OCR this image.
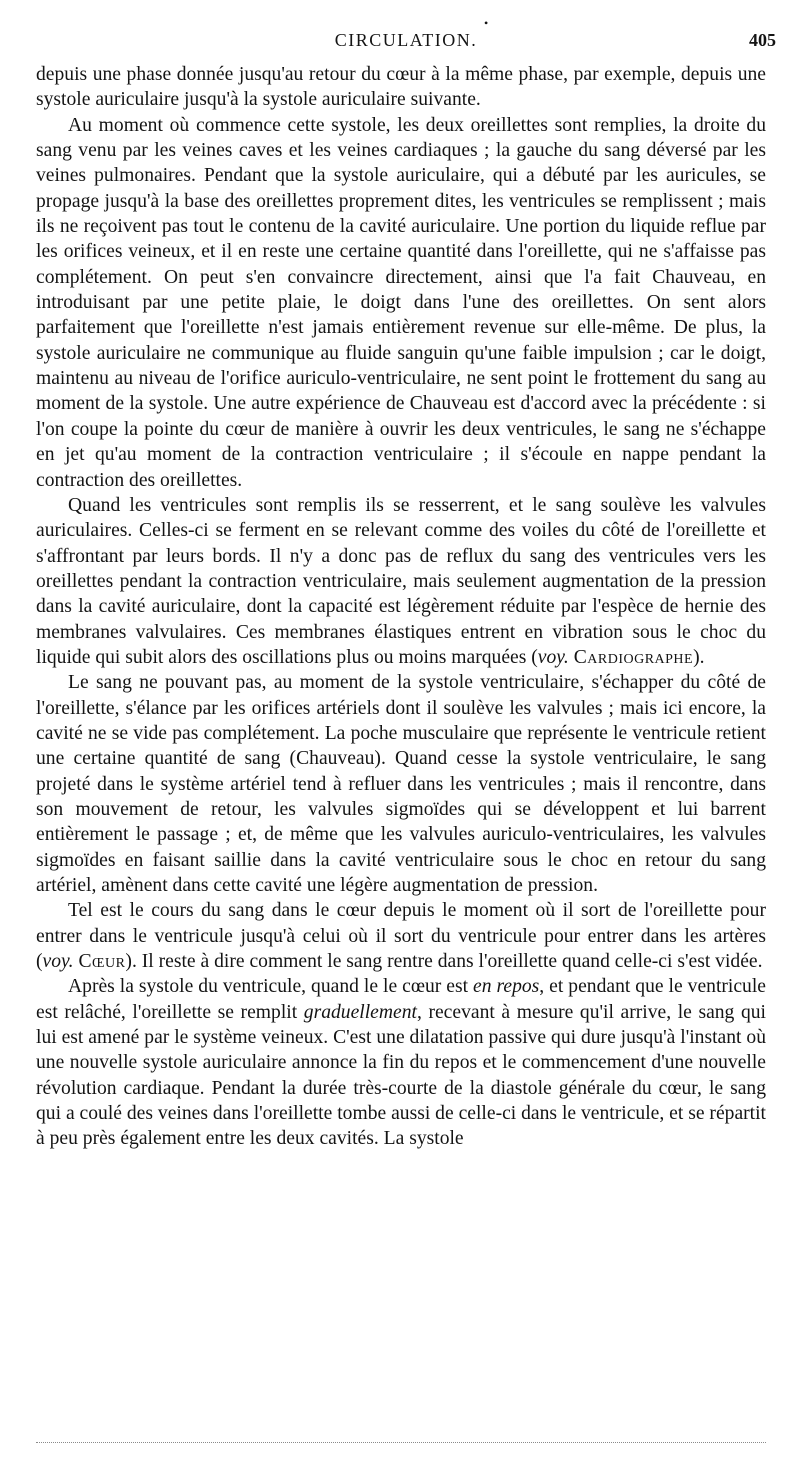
•
CIRCULATION.	405

depuis une phase donnée jusqu'au retour du cœur à la même phase, par exemple, depuis une systole auriculaire jusqu'à la systole auriculaire suivante.

Au moment où commence cette systole, les deux oreillettes sont remplies, la droite du sang venu par les veines caves et les veines cardiaques ; la gauche du sang déversé par les veines pulmonaires. Pendant que la systole auriculaire, qui a débuté par les auricules, se propage jusqu'à la base des oreillettes proprement dites, les ventricules se remplissent ; mais ils ne reçoivent pas tout le contenu de la cavité auriculaire. Une portion du liquide reflue par les orifices veineux, et il en reste une certaine quantité dans l'oreillette, qui ne s'affaisse pas complétement. On peut s'en convaincre directement, ainsi que l'a fait Chauveau, en introduisant par une petite plaie, le doigt dans l'une des oreillettes. On sent alors parfaitement que l'oreillette n'est jamais entièrement revenue sur elle-même. De plus, la systole auriculaire ne communique au fluide sanguin qu'une faible impulsion ; car le doigt, maintenu au niveau de l'orifice auriculo-ventriculaire, ne sent point le frottement du sang au moment de la systole. Une autre expérience de Chauveau est d'accord avec la précédente : si l'on coupe la pointe du cœur de manière à ouvrir les deux ventricules, le sang ne s'échappe en jet qu'au moment de la contraction ventriculaire ; il s'écoule en nappe pendant la contraction des oreillettes.

Quand les ventricules sont remplis ils se resserrent, et le sang soulève les valvules auriculaires. Celles-ci se ferment en se relevant comme des voiles du côté de l'oreillette et s'affrontant par leurs bords. Il n'y a donc pas de reflux du sang des ventricules vers les oreillettes pendant la contraction ventriculaire, mais seulement augmentation de la pression dans la cavité auriculaire, dont la capacité est légèrement réduite par l'espèce de hernie des membranes valvulaires. Ces membranes élastiques entrent en vibration sous le choc du liquide qui subit alors des oscillations plus ou moins marquées (voy. Cardiographe).

Le sang ne pouvant pas, au moment de la systole ventriculaire, s'échapper du côté de l'oreillette, s'élance par les orifices artériels dont il soulève les valvules ; mais ici encore, la cavité ne se vide pas complétement. La poche musculaire que représente le ventricule retient une certaine quantité de sang (Chauveau). Quand cesse la systole ventriculaire, le sang projeté dans le système artériel tend à refluer dans les ventricules ; mais il rencontre, dans son mouvement de retour, les valvules sigmoïdes qui se développent et lui barrent entièrement le passage ; et, de même que les valvules auriculo-ventriculaires, les valvules sigmoïdes en faisant saillie dans la cavité ventriculaire sous le choc en retour du sang artériel, amènent dans cette cavité une légère augmentation de pression.

Tel est le cours du sang dans le cœur depuis le moment où il sort de l'oreillette pour entrer dans le ventricule jusqu'à celui où il sort du ventricule pour entrer dans les artères (voy. Cœur). Il reste à dire comment le sang rentre dans l'oreillette quand celle-ci s'est vidée.

Après la systole du ventricule, quand le le cœur est en repos, et pendant que le ventricule est relâché, l'oreillette se remplit graduellement, recevant à mesure qu'il arrive, le sang qui lui est amené par le système veineux. C'est une dilatation passive qui dure jusqu'à l'instant où une nouvelle systole auriculaire annonce la fin du repos et le commencement d'une nouvelle révolution cardiaque. Pendant la durée très-courte de la diastole générale du cœur, le sang qui a coulé des veines dans l'oreillette tombe aussi de celle-ci dans le ventricule, et se répartit à peu près également entre les deux cavités. La systole
